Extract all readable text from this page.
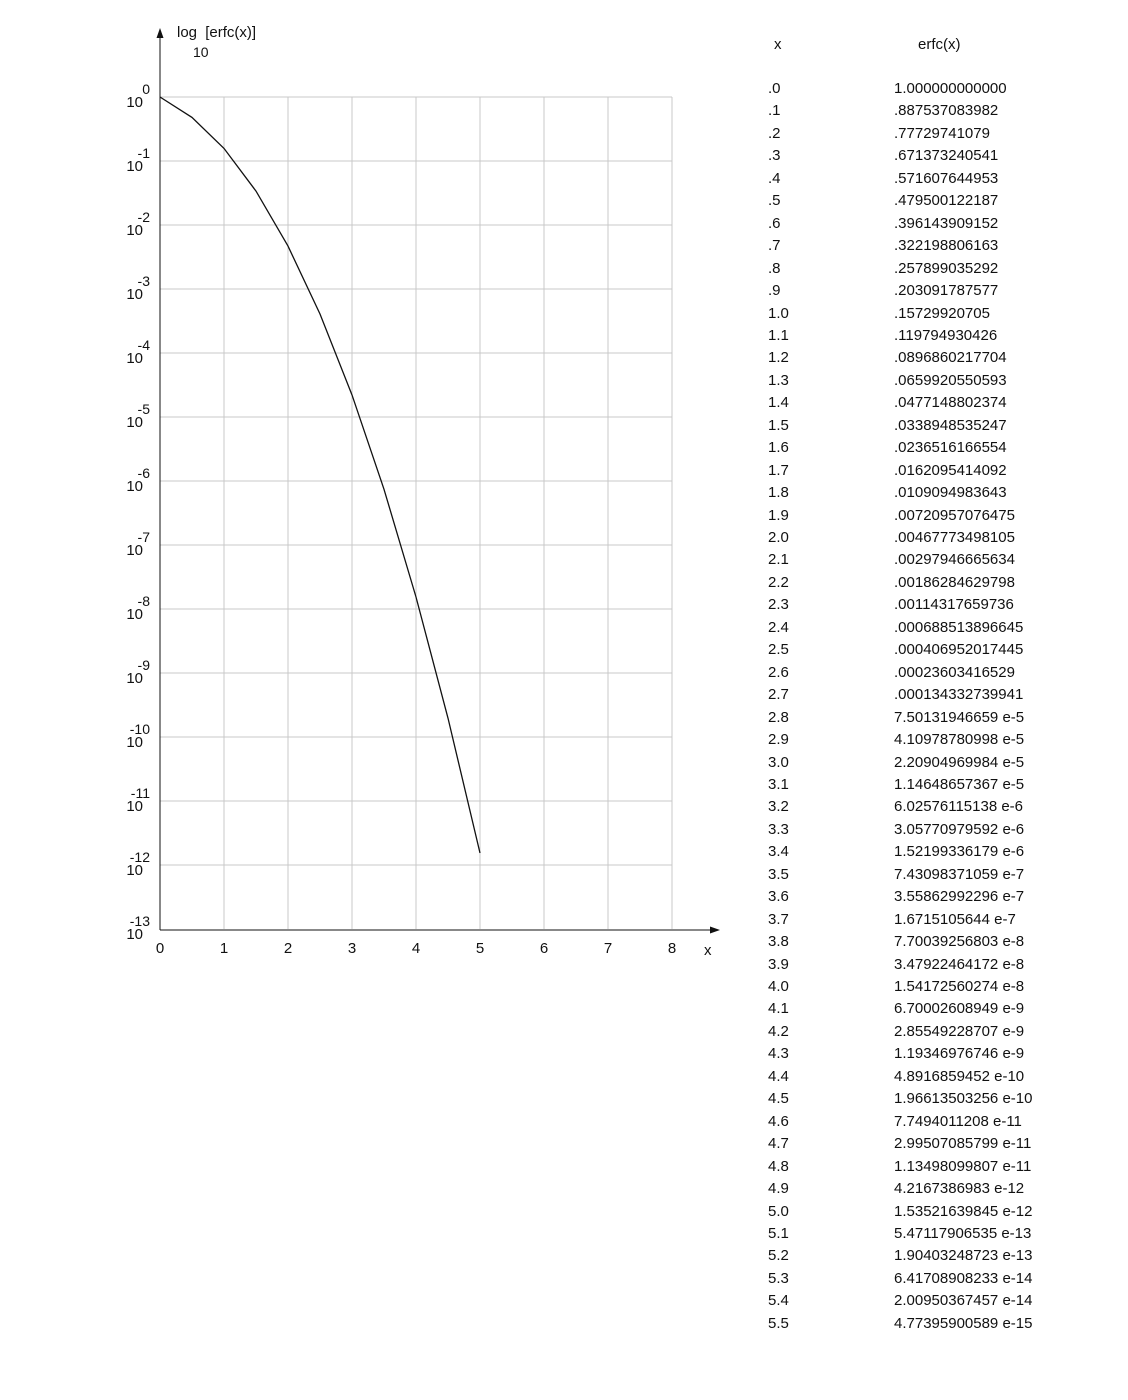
0	1	2	3	4	5	6	7	8
10
0
10
-1
10
-2
10
-3
10
-4
10
-5
10
-6
10
-7
10
-8
10
-9
10
-10
10
-11
10
-12
10
-13
log [erfc(x)]
10
x
x	erfc(x)
.0	1.000000000000
.1	.887537083982
.2	.77729741079
.3	.671373240541
.4	.571607644953
.5	.479500122187
.6	.396143909152
.7	.322198806163
.8	.257899035292
.9	.203091787577
1.0	.15729920705
1.1	.119794930426
1.2	.0896860217704
1.3	.0659920550593
1.4	.0477148802374
1.5	.0338948535247
1.6	.0236516166554
1.7	.0162095414092
1.8	.0109094983643
1.9	.00720957076475
2.0	.00467773498105
2.1	.00297946665634
2.2	.00186284629798
2.3	.00114317659736
2.4	.000688513896645
2.5	.000406952017445
2.6	.00023603416529
2.7	.00013433273994​1
2.8	7.50131946659 e-5
2.9	4.10978780998 e-5
3.0	2.20904969984 e-5
3.1	1.14648657367 e-5
3.2	6.02576115138 e-6
3.3	3.05770979592 e-6
3.4	1.52199336179 e-6
3.5	7.43098371059 e-7
3.6	3.55862992296 e-7
3.7	1.6715105644 e-7
3.8	7.70039256803 e-8
3.9	3.47922464172 e-8
4.0	1.54172560274 e-8
4.1	6.70002608949 e-9
4.2	2.85549228707 e-9
4.3	1.19346976746 e-9
4.4	4.8916859452 e-10
4.5	1.96613503256 e-10
4.6	7.7494011208 e-11
4.7	2.99507085799 e-11
4.8	1.13498099807 e-11
4.9	4.2167386983 e-12
5.0	1.53521639845 e-12
5.1	5.47117906535 e-13
5.2	1.90403248723 e-13
5.3	6.41708908233 e-14
5.4	2.00950367457 e-14
5.5	4.77395900589 e-15
